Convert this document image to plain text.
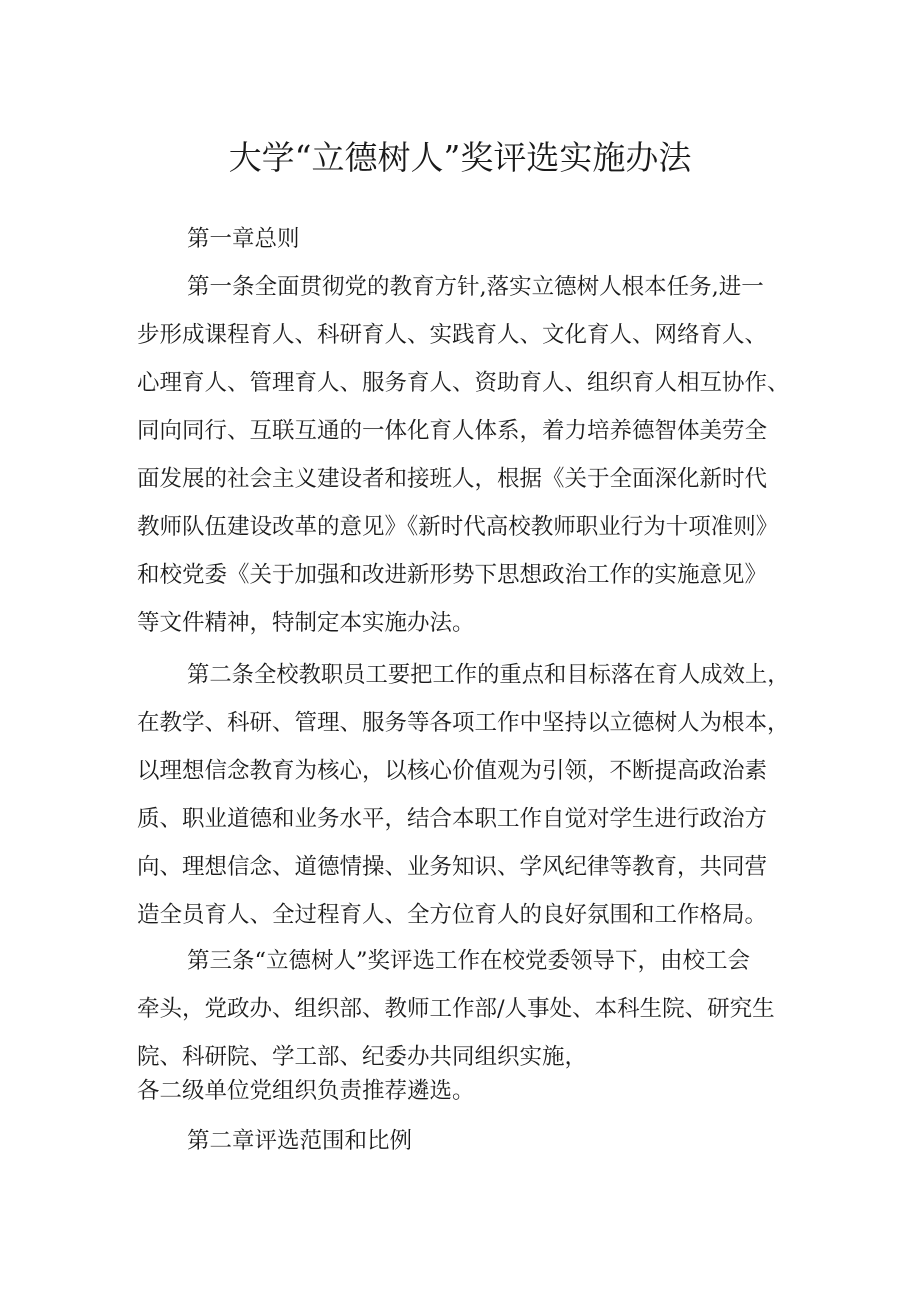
大学“立德树人”奖评选实施办法

第一章总则

第一条全面贯彻党的教育方针,落实立德树人根本任务,进一

步形成课程育人、科研育人、实践育人、文化育人、网络育人、

心理育人、管理育人、服务育人、资助育人、组织育人相互协作、

同向同行、互联互通的一体化育人体系，着力培养德智体美劳全

面发展的社会主义建设者和接班人，根据《关于全面深化新时代

教师队伍建设改革的意见》《新时代高校教师职业行为十项准则》

和校党委《关于加强和改进新形势下思想政治工作的实施意见》

等文件精神，特制定本实施办法。

第二条全校教职员工要把工作的重点和目标落在育人成效上，

在教学、科研、管理、服务等各项工作中坚持以立德树人为根本，

以理想信念教育为核心，以核心价值观为引领，不断提高政治素

质、职业道德和业务水平，结合本职工作自觉对学生进行政治方

向、理想信念、道德情操、业务知识、学风纪律等教育，共同营

造全员育人、全过程育人、全方位育人的良好氛围和工作格局。

第三条“立德树人”奖评选工作在校党委领导下，由校工会

牵头，党政办、组织部、教师工作部/人事处、本科生院、研究生

院、科研院、学工部、纪委办共同组织实施，

各二级单位党组织负责推荐遴选。

第二章评选范围和比例
